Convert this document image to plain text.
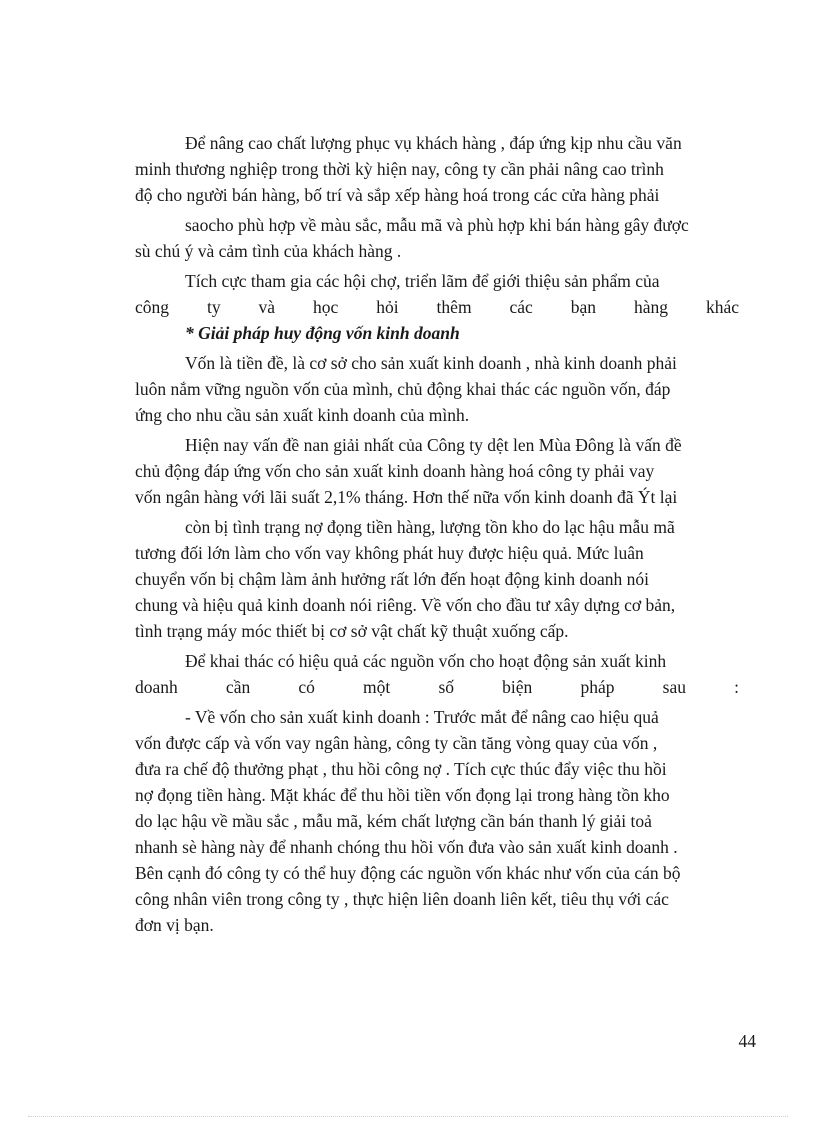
Để nâng cao chất lượng phục vụ khách hàng , đáp ứng kịp nhu cầu văn

minh thương nghiệp trong thời kỳ hiện nay, công ty cần phải nâng cao trình

độ cho người bán hàng, bố trí và sắp xếp hàng hoá trong các cửa hàng phải

saocho phù hợp về màu sắc, mẫu mã và phù hợp khi bán hàng gây được

sù chú ý và cảm tình của khách hàng .

Tích cực tham gia các hội chợ, triển lãm để giới thiệu sản phẩm của

công ty và học hỏi thêm các bạn hàng khác

* Giải pháp huy động vốn kinh doanh

Vốn là tiền đề, là cơ sở cho sản xuất kinh doanh , nhà kinh doanh phải

luôn nắm vững nguồn vốn của mình, chủ động khai thác các nguồn vốn, đáp

ứng cho nhu cầu sản xuất kinh doanh của mình.

Hiện nay vấn đề nan giải nhất của Công ty dệt len Mùa Đông là vấn đề

chủ động đáp ứng vốn cho sản xuất kinh doanh hàng hoá công ty phải vay

vốn ngân hàng với lãi suất 2,1% tháng. Hơn thế nữa vốn kinh doanh đã Ýt lại

còn bị tình trạng nợ đọng tiền hàng, lượng tồn kho do lạc hậu mẫu mã

tương đối lớn làm cho vốn vay không phát huy được hiệu quả. Mức luân

chuyển vốn bị chậm làm ảnh hưởng rất lớn đến hoạt động kinh doanh nói

chung và hiệu quả kinh doanh nói riêng. Về vốn cho đầu tư xây dựng cơ bản,

tình trạng máy móc thiết bị cơ sở vật chất kỹ thuật xuống cấp.

Để khai thác có hiệu quả các nguồn vốn cho hoạt động sản xuất kinh

doanh cần có một số biện pháp sau :

- Về vốn cho sản xuất kinh doanh : Trước mắt để nâng cao hiệu quả

vốn được cấp và vốn vay ngân hàng, công ty cần tăng vòng quay của vốn ,

đưa ra chế độ thưởng phạt , thu hồi công nợ . Tích cực thúc đẩy việc thu hồi

nợ đọng tiền hàng. Mặt khác để thu hồi tiền vốn đọng lại trong hàng tồn kho

do lạc hậu về mầu sắc , mẫu mã, kém chất lượng cần bán thanh lý giải toả

nhanh sè hàng này để nhanh chóng thu hồi vốn đưa vào sản xuất kinh doanh .

Bên cạnh đó công ty có thể huy động các nguồn vốn khác như vốn của cán bộ

công nhân viên trong công ty , thực hiện liên doanh liên kết, tiêu thụ với các

đơn vị bạn.

44
